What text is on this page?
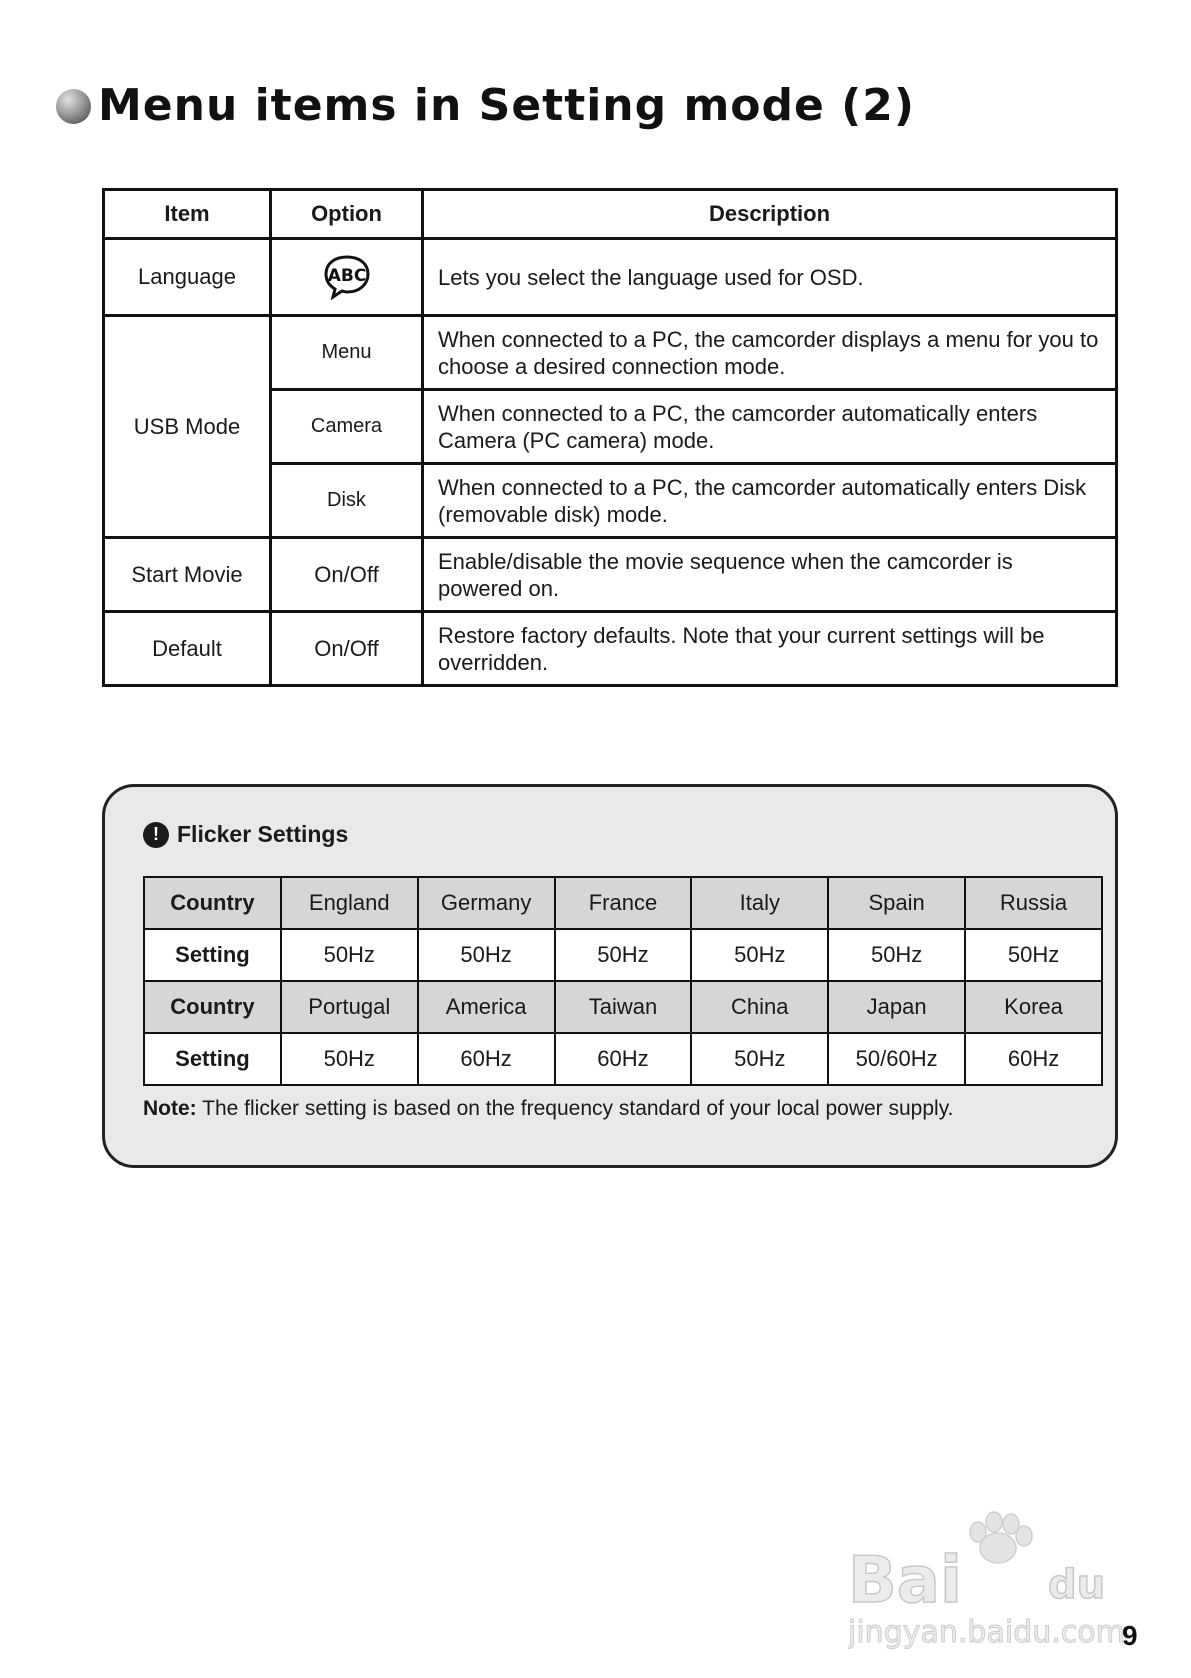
Menu items in Setting mode (2)
Item	Option	Description
Language	ABC	Lets you select the language used for OSD.
USB Mode	Menu	When connected to a PC, the camcorder displays a menu for you to choose a desired connection mode.
	Camera	When connected to a PC, the camcorder automatically enters Camera (PC camera) mode.
	Disk	When connected to a PC, the camcorder automatically enters Disk (removable disk) mode.
Start Movie	On/Off	Enable/disable the movie sequence when the camcorder is powered on.
Default	On/Off	Restore factory defaults. Note that your current settings will be overridden.
! Flicker Settings
Country	England	Germany	France	Italy	Spain	Russia
Setting	50Hz	50Hz	50Hz	50Hz	50Hz	50Hz
Country	Portugal	America	Taiwan	China	Japan	Korea
Setting	50Hz	60Hz	60Hz	50Hz	50/60Hz	60Hz
Note: The flicker setting is based on the frequency standard of your local power supply.
Bai du
jingyan.baidu.com
9
